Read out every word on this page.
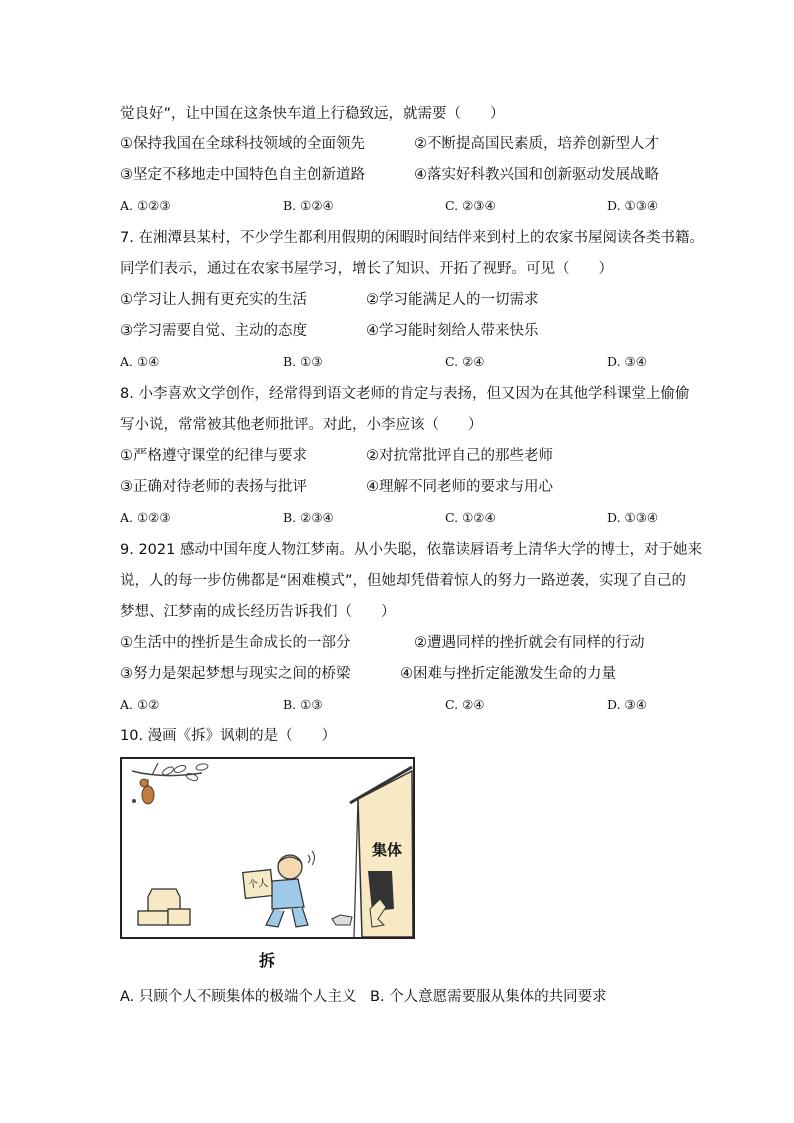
觉良好”，让中国在这条快车道上行稳致远，就需要（　　）
①保持我国在全球科技领域的全面领先	②不断提高国民素质，培养创新型人才
③坚定不移地走中国特色自主创新道路	④落实好科教兴国和创新驱动发展战略
A. ①②③	B. ①②④	C. ②③④	D. ①③④
7. 在湘潭县某村，不少学生都利用假期的闲暇时间结伴来到村上的农家书屋阅读各类书籍。
同学们表示，通过在农家书屋学习，增长了知识、开拓了视野。可见（　　）
①学习让人拥有更充实的生活	②学习能满足人的一切需求
③学习需要自觉、主动的态度	④学习能时刻给人带来快乐
A. ①④	B. ①③	C. ②④	D. ③④
8. 小李喜欢文学创作，经常得到语文老师的肯定与表扬，但又因为在其他学科课堂上偷偷
写小说，常常被其他老师批评。对此，小李应该（　　）
①严格遵守课堂的纪律与要求	②对抗常批评自己的那些老师
③正确对待老师的表扬与批评	④理解不同老师的要求与用心
A. ①②③	B. ②③④	C. ①②④	D. ①③④
9. 2021 感动中国年度人物江梦南。从小失聪，依靠读唇语考上清华大学的博士，对于她来
说，人的每一步仿佛都是“困难模式”，但她却凭借着惊人的努力一路逆袭，实现了自己的
梦想、江梦南的成长经历告诉我们（　　）
①生活中的挫折是生命成长的一部分	②遭遇同样的挫折就会有同样的行动
③努力是架起梦想与现实之间的桥梁	④困难与挫折定能激发生命的力量
A. ①②	B. ①③	C. ②④	D. ③④
10. 漫画《拆》讽刺的是（　　）
个人
集体
拆
A. 只顾个人不顾集体的极端个人主义 B. 个人意愿需要服从集体的共同要求
